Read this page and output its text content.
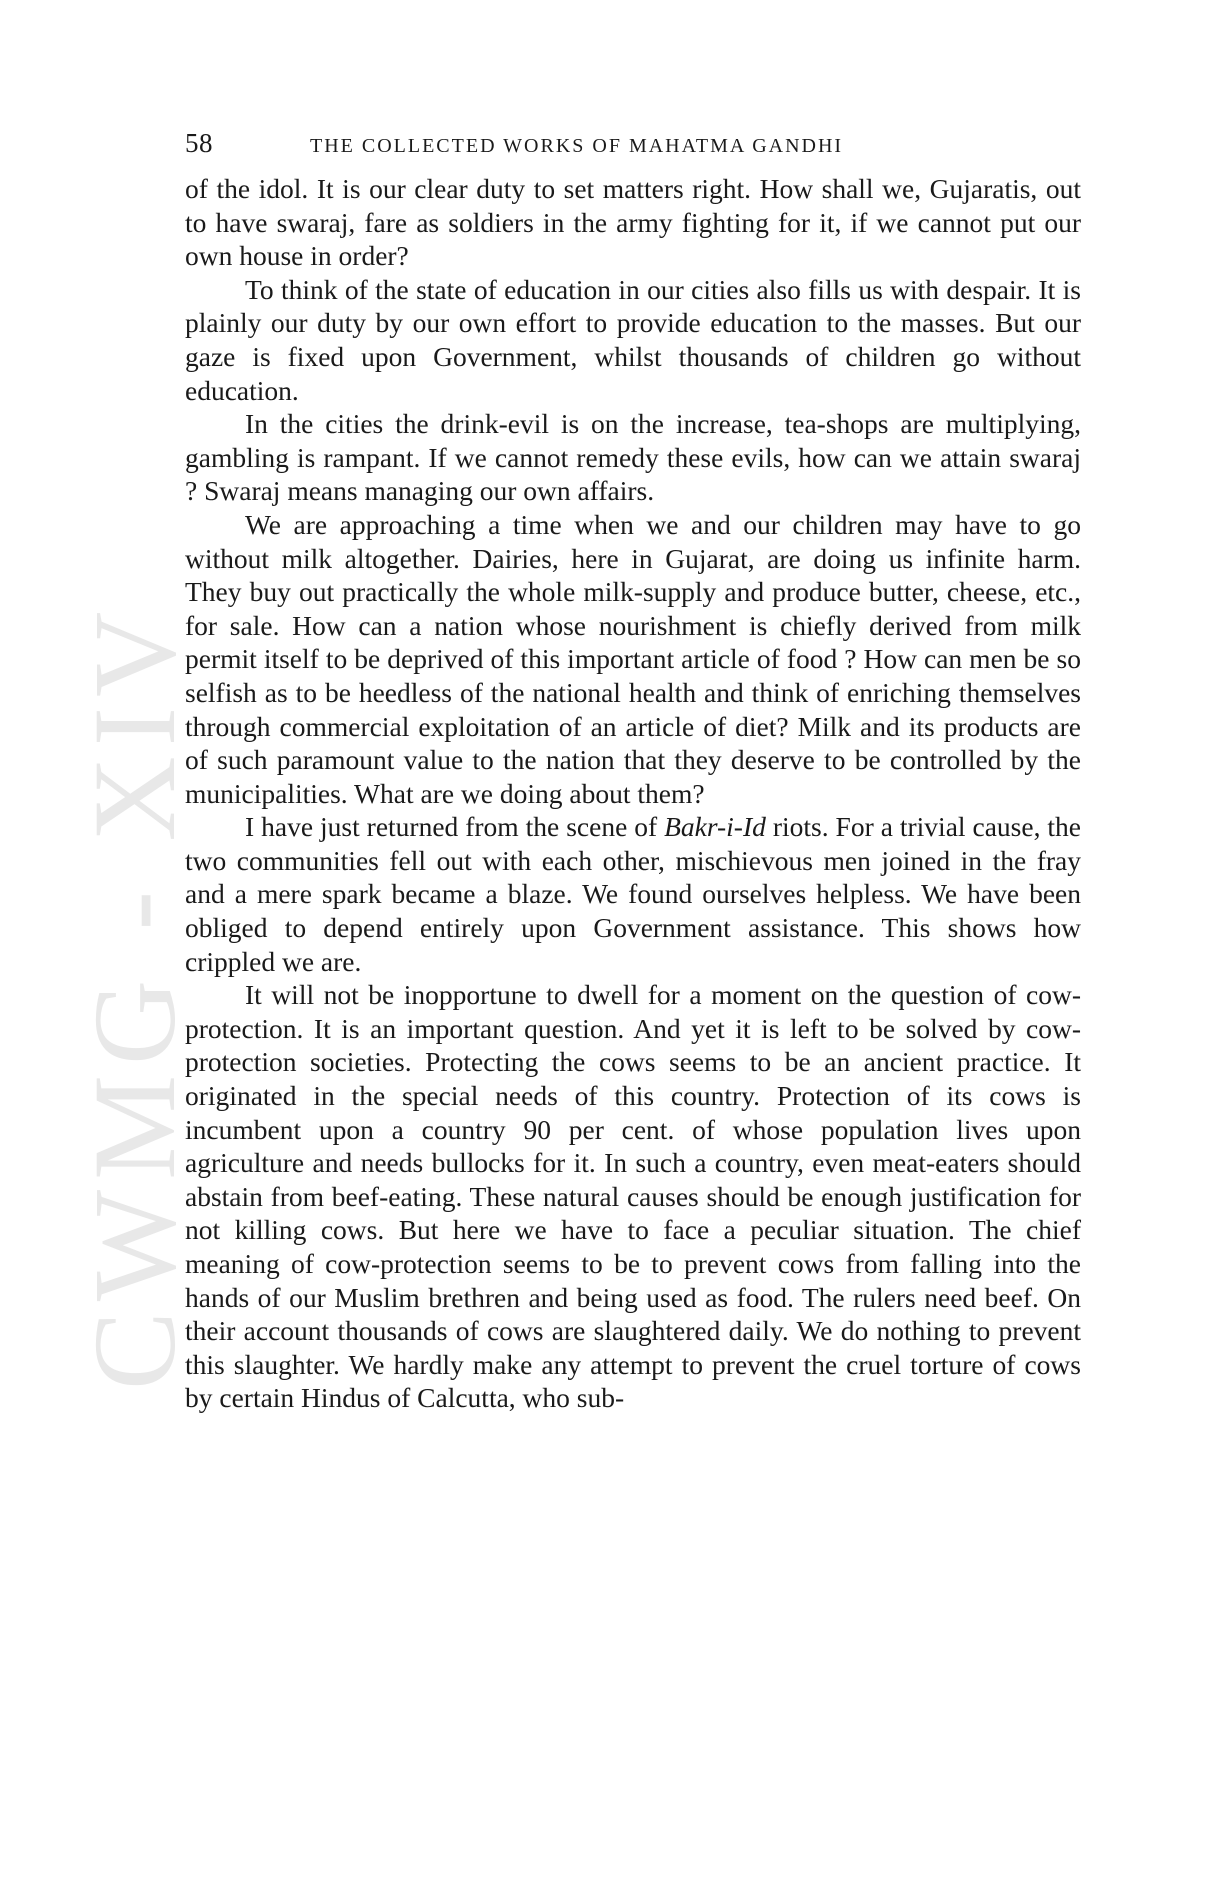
CWMG - XIV
58	THE COLLECTED WORKS OF MAHATMA GANDHI

of the idol. It is our clear duty to set matters right. How shall we, Gujaratis, out to have swaraj, fare as soldiers in the army fighting for it, if we cannot put our own house in order?

To think of the state of education in our cities also fills us with despair. It is plainly our duty by our own effort to provide education to the masses. But our gaze is fixed upon Government, whilst thousands of children go without education.

In the cities the drink-evil is on the increase, tea-shops are multiplying, gambling is rampant. If we cannot remedy these evils, how can we attain swaraj ? Swaraj means managing our own affairs.

We are approaching a time when we and our children may have to go without milk altogether. Dairies, here in Gujarat, are doing us infinite harm. They buy out practically the whole milk-supply and produce butter, cheese, etc., for sale. How can a nation whose nourishment is chiefly derived from milk permit itself to be deprived of this important article of food ? How can men be so selfish as to be heedless of the national health and think of enriching themselves through commercial exploitation of an article of diet? Milk and its products are of such paramount value to the nation that they deserve to be controlled by the municipalities. What are we doing about them?

I have just returned from the scene of Bakr-i-Id riots. For a trivial cause, the two communities fell out with each other, mischievous men joined in the fray and a mere spark became a blaze. We found ourselves helpless. We have been obliged to depend entirely upon Government assistance. This shows how crippled we are.

It will not be inopportune to dwell for a moment on the question of cow-protection. It is an important question. And yet it is left to be solved by cow-protection societies. Protecting the cows seems to be an ancient practice. It originated in the special needs of this country. Protection of its cows is incumbent upon a country 90 per cent. of whose population lives upon agriculture and needs bullocks for it. In such a country, even meat-eaters should abstain from beef-eating. These natural causes should be enough justification for not killing cows. But here we have to face a peculiar situation. The chief meaning of cow-protection seems to be to prevent cows from falling into the hands of our Muslim brethren and being used as food. The rulers need beef. On their account thousands of cows are slaughtered daily. We do nothing to prevent this slaughter. We hardly make any attempt to prevent the cruel torture of cows by certain Hindus of Calcutta, who sub-
